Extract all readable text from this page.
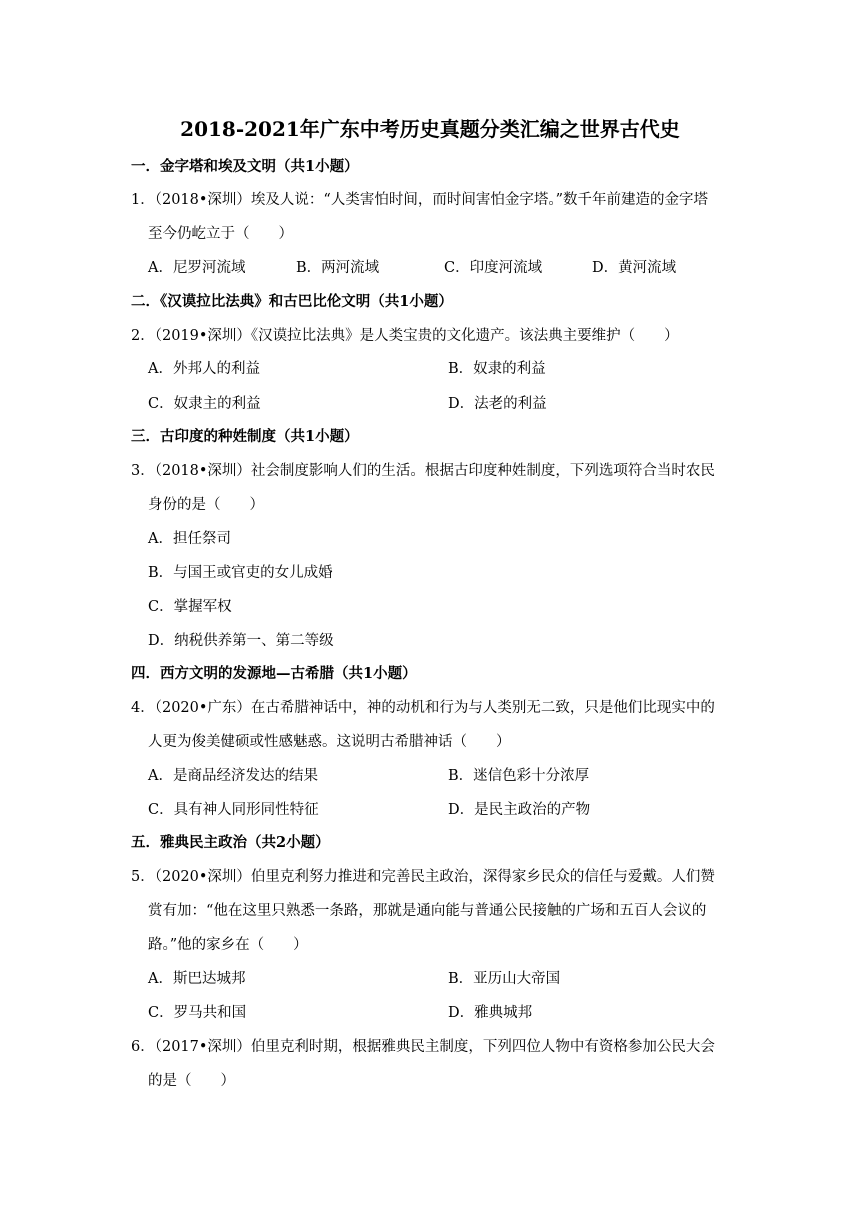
2018-2021年广东中考历史真题分类汇编之世界古代史
一．金字塔和埃及文明（共1小题）
1．（2018•深圳）埃及人说：“人类害怕时间，而时间害怕金字塔。”数千年前建造的金字塔
至今仍屹立于（　　）
A．尼罗河流域	B．两河流域	C．印度河流域	D．黄河流域
二．《汉谟拉比法典》和古巴比伦文明（共1小题）
2．（2019•深圳）《汉谟拉比法典》是人类宝贵的文化遗产。该法典主要维护（　　）
A．外邦人的利益	B．奴隶的利益
C．奴隶主的利益	D．法老的利益
三．古印度的种姓制度（共1小题）
3．（2018•深圳）社会制度影响人们的生活。根据古印度种姓制度，下列选项符合当时农民
身份的是（　　）
A．担任祭司
B．与国王或官吏的女儿成婚
C．掌握军权
D．纳税供养第一、第二等级
四．西方文明的发源地—古希腊（共1小题）
4．（2020•广东）在古希腊神话中，神的动机和行为与人类别无二致，只是他们比现实中的
人更为俊美健硕或性感魅惑。这说明古希腊神话（　　）
A．是商品经济发达的结果	B．迷信色彩十分浓厚
C．具有神人同形同性特征	D．是民主政治的产物
五．雅典民主政治（共2小题）
5．（2020•深圳）伯里克利努力推进和完善民主政治，深得家乡民众的信任与爱戴。人们赞
赏有加：“他在这里只熟悉一条路，那就是通向能与普通公民接触的广场和五百人会议的
路。”他的家乡在（　　）
A．斯巴达城邦	B．亚历山大帝国
C．罗马共和国	D．雅典城邦
6．（2017•深圳）伯里克利时期，根据雅典民主制度，下列四位人物中有资格参加公民大会
的是（　　）
